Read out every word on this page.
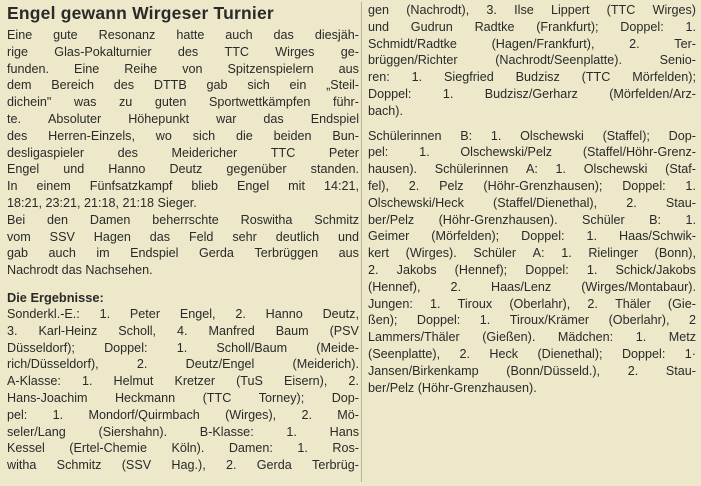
Engel gewann Wirgeser Turnier
Eine gute Resonanz hatte auch das diesjäh-
rige Glas-Pokalturnier des TTC Wirges ge-
funden. Eine Reihe von Spitzenspielern aus
dem Bereich des DTTB gab sich ein „Steil-
dichein" was zu guten Sportwettkämpfen führ-
te. Absoluter Höhepunkt war das Endspiel
des Herren-Einzels, wo sich die beiden Bun-
desligaspieler	des	Meidericher	TTC	Peter
Engel und Hanno Deutz gegenüber standen.
In einem Fünfsatzkampf blieb Engel mit 14:21,
18:21, 23:21, 21:18, 21:18 Sieger.
Bei den Damen beherrschte Roswitha Schmitz
vom SSV Hagen das Feld sehr deutlich und
gab auch im Endspiel Gerda Terbrüggen aus
Nachrodt das Nachsehen.
Die Ergebnisse:
Sonderkl.-E.: 1. Peter Engel, 2. Hanno Deutz,
3. Karl-Heinz Scholl, 4. Manfred Baum (PSV
Düsseldorf); Doppel: 1. Scholl/Baum (Meide-
rich/Düsseldorf),	2.	Deutz/Engel	(Meiderich).
A-Klasse: 1. Helmut Kretzer (TuS Eisern), 2.
Hans-Joachim Heckmann (TTC Torney); Dop-
pel: 1. Mondorf/Quirmbach (Wirges), 2. Mö-
seler/Lang	(Siershahn).	B-Klasse:	1.	Hans
Kessel (Ertel-Chemie Köln). Damen: 1. Ros-
witha Schmitz (SSV Hag.), 2. Gerda Terbrüg-
gen (Nachrodt), 3. Ilse Lippert (TTC Wirges)
und Gudrun Radtke (Frankfurt); Doppel: 1.
Schmidt/Radtke	(Hagen/Frankfurt),	2.	Ter-
brüggen/Richter	(Nachrodt/Seenplatte).	Senio-
ren: 1. Siegfried Budzisz (TTC Mörfelden);
Doppel: 1. Budzisz/Gerharz (Mörfelden/Arz-
bach).
Schülerinnen B: 1. Olschewski (Staffel); Dop-
pel: 1. Olschewski/Pelz (Staffel/Höhr-Grenz-
hausen). Schülerinnen A: 1. Olschewski (Staf-
fel), 2. Pelz (Höhr-Grenzhausen); Doppel: 1.
Olschewski/Heck (Staffel/Dienethal), 2. Stau-
ber/Pelz (Höhr-Grenzhausen). Schüler B: 1.
Geimer (Mörfelden); Doppel: 1. Haas/Schwik-
kert (Wirges). Schüler A: 1. Rielinger (Bonn),
2. Jakobs (Hennef); Doppel: 1. Schick/Jakobs
(Hennef), 2. Haas/Lenz (Wirges/Montabaur).
Jungen: 1. Tiroux (Oberlahr), 2. Thäler (Gie-
ßen); Doppel: 1. Tiroux/Krämer (Oberlahr), 2
Lammers/Thäler (Gießen). Mädchen: 1. Metz
(Seenplatte), 2. Heck (Dienethal); Doppel: 1·
Jansen/Birkenkamp (Bonn/Düsseld.), 2. Stau-
ber/Pelz (Höhr-Grenzhausen).
